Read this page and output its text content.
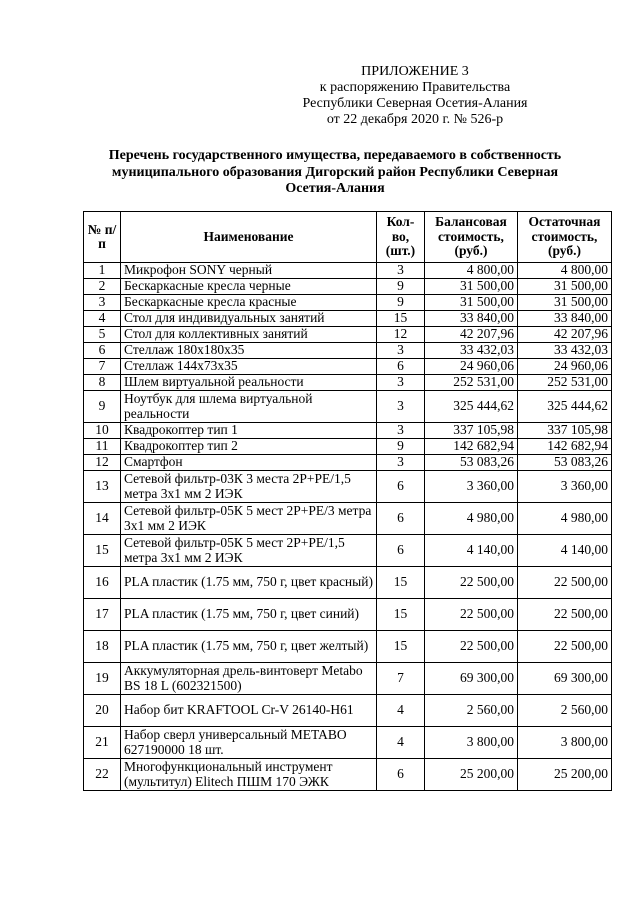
ПРИЛОЖЕНИЕ 3
к распоряжению Правительства
Республики Северная Осетия-Алания
от 22 декабря 2020 г. № 526-р
Перечень государственного имущества, передаваемого в собственность
муниципального образования Дигорский район Республики Северная
Осетия-Алания
№ п/п	Наименование	Кол-во, (шт.)	Балансовая стоимость, (руб.)	Остаточная стоимость, (руб.)
1	Микрофон SONY черный	3	4 800,00	4 800,00
2	Бескаркасные кресла черные	9	31 500,00	31 500,00
3	Бескаркасные кресла красные	9	31 500,00	31 500,00
4	Стол для индивидуальных занятий	15	33 840,00	33 840,00
5	Стол для коллективных занятий	12	42 207,96	42 207,96
6	Стеллаж 180х180х35	3	33 432,03	33 432,03
7	Стеллаж 144х73х35	6	24 960,06	24 960,06
8	Шлем виртуальной реальности	3	252 531,00	252 531,00
9	Ноутбук для шлема виртуальной реальности	3	325 444,62	325 444,62
10	Квадрокоптер тип 1	3	337 105,98	337 105,98
11	Квадрокоптер тип 2	9	142 682,94	142 682,94
12	Смартфон	3	53 083,26	53 083,26
13	Сетевой фильтр-03К 3 места 2Р+РЕ/1,5 метра 3х1 мм 2 ИЭК	6	3 360,00	3 360,00
14	Сетевой фильтр-05К 5 мест 2Р+РЕ/3 метра 3х1 мм 2 ИЭК	6	4 980,00	4 980,00
15	Сетевой фильтр-05К 5 мест 2Р+РЕ/1,5 метра 3х1 мм 2 ИЭК	6	4 140,00	4 140,00
16	PLA пластик (1.75 мм, 750 г, цвет красный)	15	22 500,00	22 500,00
17	PLA пластик (1.75 мм, 750 г, цвет синий)	15	22 500,00	22 500,00
18	PLA пластик (1.75 мм, 750 г, цвет желтый)	15	22 500,00	22 500,00
19	Аккумуляторная дрель-винтоверт Metabo BS 18 L (602321500)	7	69 300,00	69 300,00
20	Набор бит KRAFTOOL Cr-V 26140-H61	4	2 560,00	2 560,00
21	Набор сверл универсальный METABO 627190000 18 шт.	4	3 800,00	3 800,00
22	Многофункциональный инструмент (мультитул) Elitech ПШМ 170 ЭЖК	6	25 200,00	25 200,00
